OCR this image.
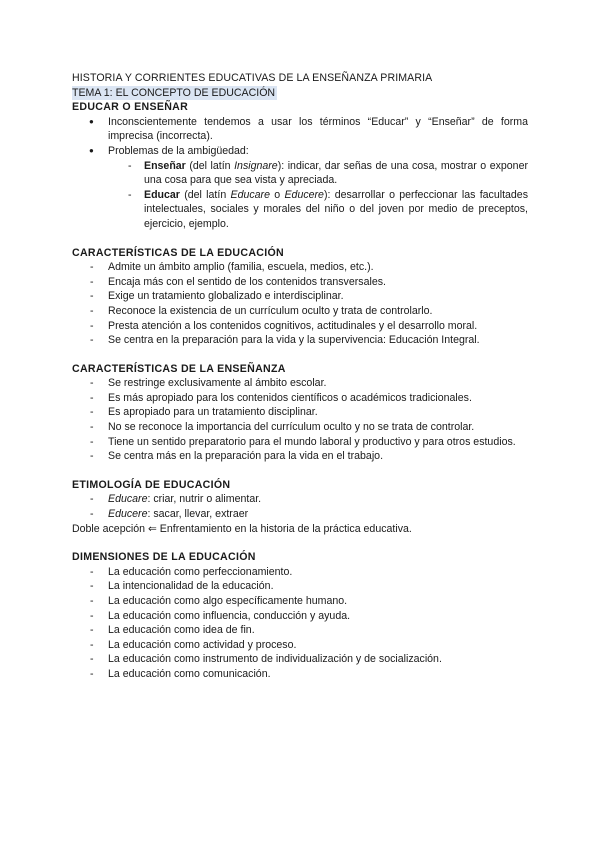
HISTORIA Y CORRIENTES EDUCATIVAS DE LA ENSEÑANZA PRIMARIA
TEMA 1: EL CONCEPTO DE EDUCACIÓN
EDUCAR O ENSEÑAR
● Inconscientemente tendemos a usar los términos “Educar” y “Enseñar” de forma imprecisa (incorrecta).
● Problemas de la ambigüedad:
- Enseñar (del latín Insignare): indicar, dar señas de una cosa, mostrar o exponer una cosa para que sea vista y apreciada.
- Educar (del latín Educare o Educere): desarrollar o perfeccionar las facultades intelectuales, sociales y morales del niño o del joven por medio de preceptos, ejercicio, ejemplo.
CARACTERÍSTICAS DE LA EDUCACIÓN
- Admite un ámbito amplio (familia, escuela, medios, etc.).
- Encaja más con el sentido de los contenidos transversales.
- Exige un tratamiento globalizado e interdisciplinar.
- Reconoce la existencia de un currículum oculto y trata de controlarlo.
- Presta atención a los contenidos cognitivos, actitudinales y el desarrollo moral.
- Se centra en la preparación para la vida y la supervivencia: Educación Integral.
CARACTERÍSTICAS DE LA ENSEÑANZA
- Se restringe exclusivamente al ámbito escolar.
- Es más apropiado para los contenidos científicos o académicos tradicionales.
- Es apropiado para un tratamiento disciplinar.
- No se reconoce la importancia del currículum oculto y no se trata de controlar.
- Tiene un sentido preparatorio para el mundo laboral y productivo y para otros estudios.
- Se centra más en la preparación para la vida en el trabajo.
ETIMOLOGÍA DE EDUCACIÓN
- Educare: criar, nutrir o alimentar.
- Educere: sacar, llevar, extraer

Doble acepción ⇐ Enfrentamiento en la historia de la práctica educativa.

DIMENSIONES DE LA EDUCACIÓN
- La educación como perfeccionamiento.
- La intencionalidad de la educación.
- La educación como algo específicamente humano.
- La educación como influencia, conducción y ayuda.
- La educación como idea de fin.
- La educación como actividad y proceso.
- La educación como instrumento de individualización y de socialización.
- La educación como comunicación.
